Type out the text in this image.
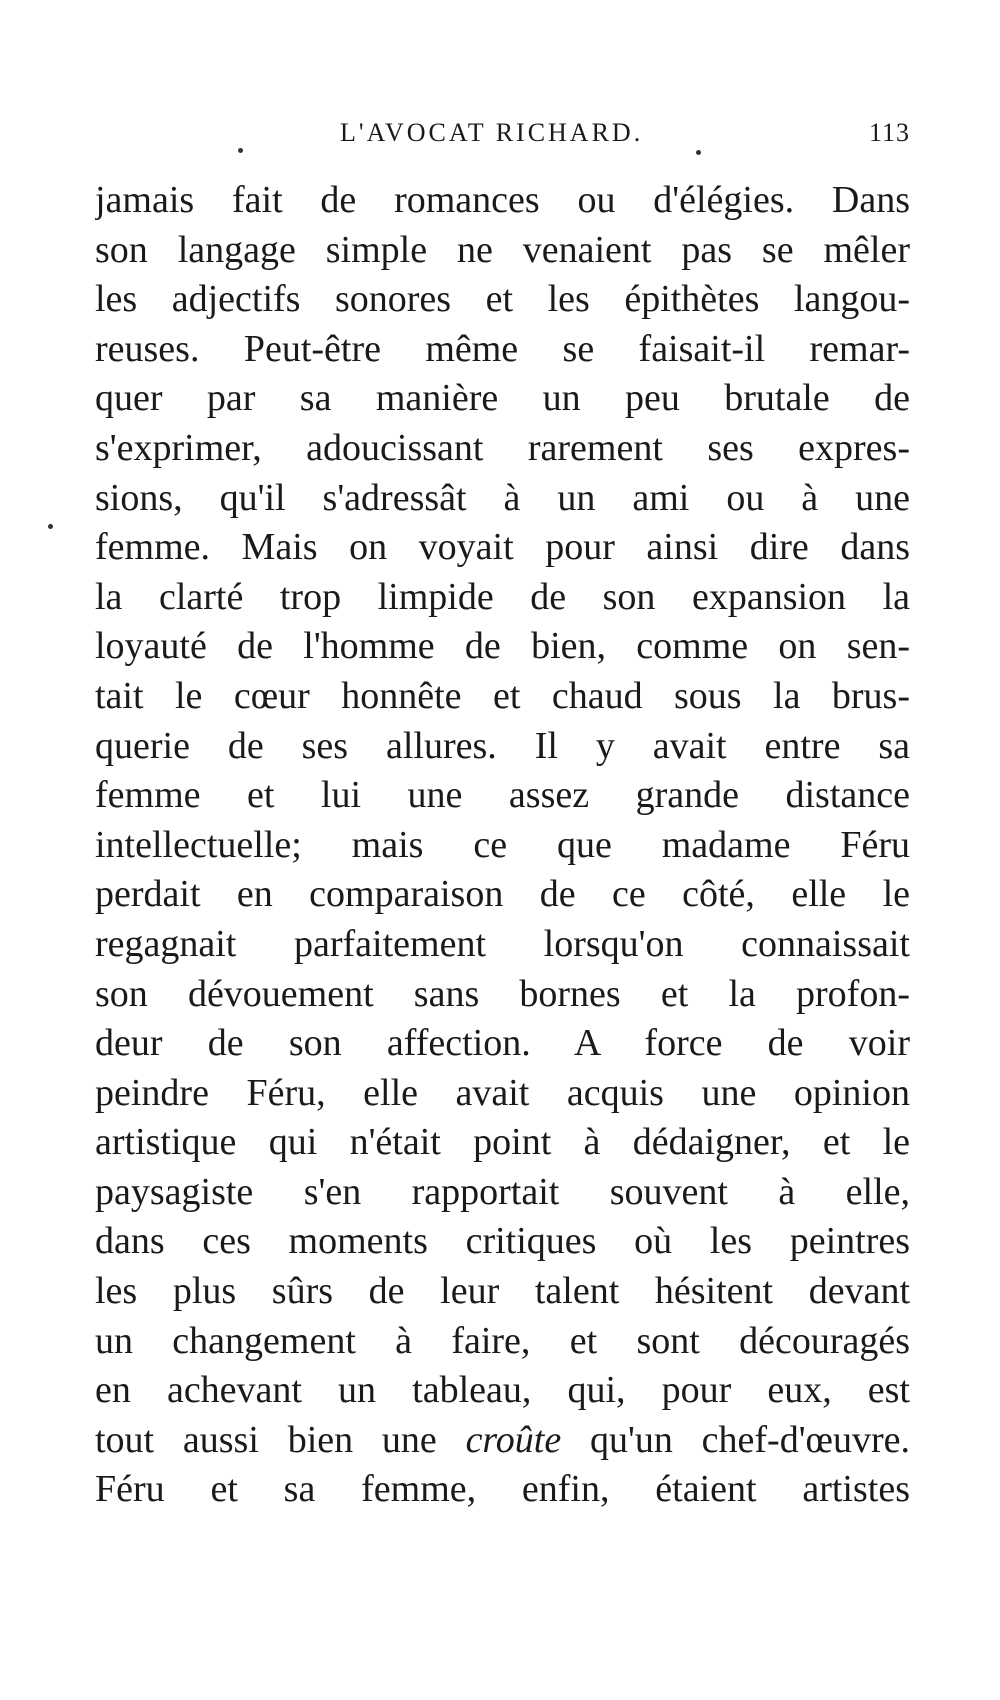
L'AVOCAT RICHARD.	113
jamais fait de romances ou d'élégies. Dans
son langage simple ne venaient pas se mêler
les adjectifs sonores et les épithètes langou-
reuses. Peut-être même se faisait-il remar-
quer par sa manière un peu brutale de
s'exprimer, adoucissant rarement ses expres-
sions, qu'il s'adressât à un ami ou à une
femme. Mais on voyait pour ainsi dire dans
la clarté trop limpide de son expansion la
loyauté de l'homme de bien, comme on sen-
tait le cœur honnête et chaud sous la brus-
querie de ses allures. Il y avait entre sa
femme et lui une assez grande distance
intellectuelle; mais ce que madame Féru
perdait en comparaison de ce côté, elle le
regagnait parfaitement lorsqu'on connaissait
son dévouement sans bornes et la profon-
deur de son affection. A force de voir
peindre Féru, elle avait acquis une opinion
artistique qui n'était point à dédaigner, et le
paysagiste s'en rapportait souvent à elle,
dans ces moments critiques où les peintres
les plus sûrs de leur talent hésitent devant
un changement à faire, et sont découragés
en achevant un tableau, qui, pour eux, est
tout aussi bien une croûte qu'un chef-d'œuvre.
Féru et sa femme, enfin, étaient artistes
